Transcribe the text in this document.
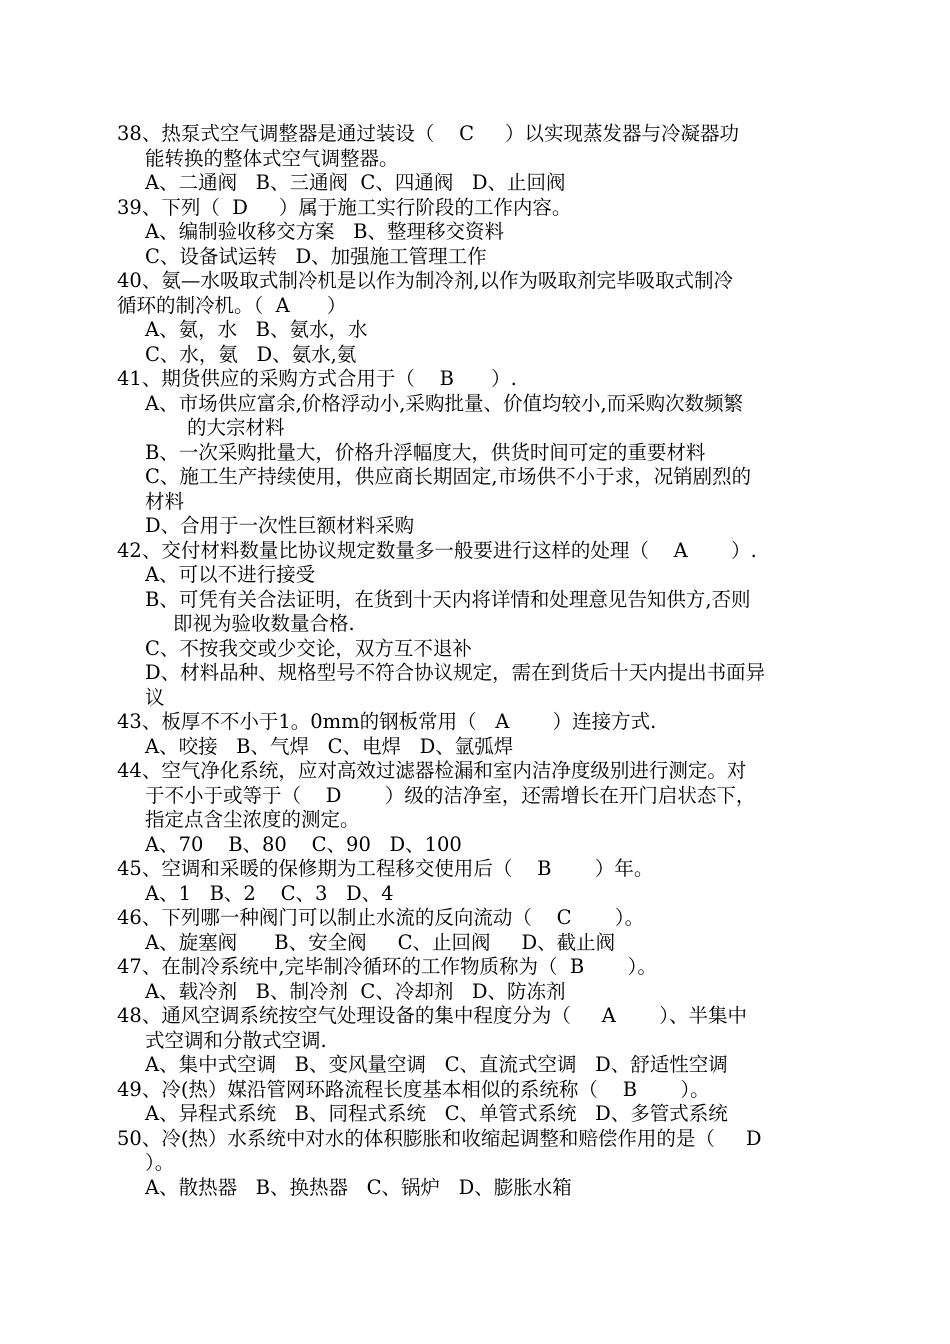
38、热泵式空气调整器是通过装设（    C     ）以实现蒸发器与冷凝器功
能转换的整体式空气调整器。
A、二通阀   B、三通阀  C、四通阀   D、止回阀
39、下列（  D     ）属于施工实行阶段的工作内容。
A、编制验收移交方案   B、整理移交资料
C、设备试运转   D、加强施工管理工作
40、氨—水吸取式制冷机是以作为制冷剂,以作为吸取剂完毕吸取式制冷
循环的制冷机。（  A      ）
A、氨，水   B、氨水，水
C、水，氨   D、氨水,氨
41、期货供应的采购方式合用于（    B      ）.
A、市场供应富余,价格浮动小,采购批量、价值均较小,而采购次数频繁
的大宗材料
B、一次采购批量大，价格升浮幅度大，供货时间可定的重要材料
C、施工生产持续使用，供应商长期固定,市场供不小于求，况销剧烈的
材料
D、合用于一次性巨额材料采购
42、交付材料数量比协议规定数量多一般要进行这样的处理（    A       ）.
A、可以不进行接受
B、可凭有关合法证明，在货到十天内将详情和处理意见告知供方,否则
即视为验收数量合格.
C、不按我交或少交论，双方互不退补
D、材料品种、规格型号不符合协议规定，需在到货后十天内提出书面异
议
43、板厚不不小于1。0mm的钢板常用（   A       ）连接方式.
A、咬接   B、气焊   C、电焊   D、氩弧焊
44、空气净化系统，应对高效过滤器检漏和室内洁净度级别进行测定。对
于不小于或等于（    D       ）级的洁净室，还需增长在开门启状态下，
指定点含尘浓度的测定。
A、70    B、80    C、90   D、100
45、空调和采暖的保修期为工程移交使用后（    B       ）年。
A、1   B、2    C、3   D、4
46、下列哪一种阀门可以制止水流的反向流动（    C       ）。
A、旋塞阀      B、安全阀     C、止回阀     D、截止阀
47、在制冷系统中,完毕制冷循环的工作物质称为（  B       ）。
A、载冷剂   B、制冷剂  C、冷却剂   D、防冻剂
48、通风空调系统按空气处理设备的集中程度分为（     A       ）、半集中
式空调和分散式空调.
A、集中式空调   B、变风量空调   C、直流式空调   D、舒适性空调
49、冷(热）媒沿管网环路流程长度基本相似的系统称（    B       ）。
A、异程式系统   B、同程式系统   C、单管式系统   D、多管式系统
50、冷(热）水系统中对水的体积膨胀和收缩起调整和赔偿作用的是（     D
）。
A、散热器   B、换热器   C、锅炉   D、膨胀水箱
